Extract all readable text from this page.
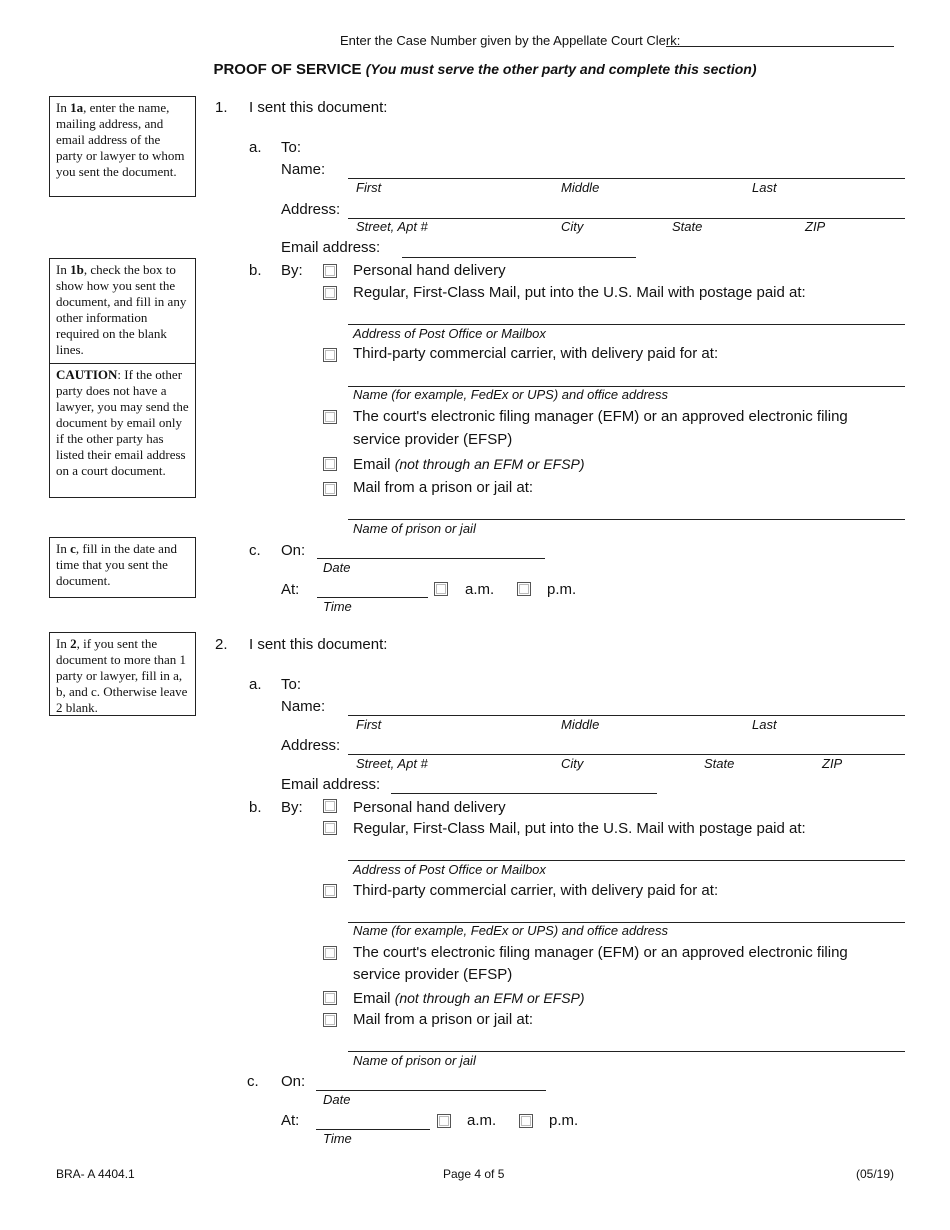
Enter the Case Number given by the Appellate Court Clerk:
PROOF OF SERVICE (You must serve the other party and complete this section)
In 1a, enter the name, mailing address, and email address of the party or lawyer to whom you sent the document.
In 1b, check the box to show how you sent the document, and fill in any other information required on the blank lines.
CAUTION: If the other party does not have a lawyer, you may send the document by email only if the other party has listed their email address on a court document.
In c, fill in the date and time that you sent the document.
In 2, if you sent the document to more than 1 party or lawyer, fill in a, b, and c. Otherwise leave 2 blank.
1. I sent this document:
a. To:
Name:
First	Middle	Last
Address:
Street, Apt #	City	State	ZIP
Email address:
b. By:	Personal hand delivery
Regular, First-Class Mail, put into the U.S. Mail with postage paid at:
Address of Post Office or Mailbox
Third-party commercial carrier, with delivery paid for at:
Name (for example, FedEx or UPS) and office address
The court's electronic filing manager (EFM) or an approved electronic filing
service provider (EFSP)
Email (not through an EFM or EFSP)
Mail from a prison or jail at:
Name of prison or jail
c. On:
Date
At:	a.m.	p.m.
Time
2. I sent this document:
a. To:
Name:
First	Middle	Last
Address:
Street, Apt #	City	State	ZIP
Email address:
b. By:	Personal hand delivery
Regular, First-Class Mail, put into the U.S. Mail with postage paid at:
Address of Post Office or Mailbox
Third-party commercial carrier, with delivery paid for at:
Name (for example, FedEx or UPS) and office address
The court's electronic filing manager (EFM) or an approved electronic filing
service provider (EFSP)
Email (not through an EFM or EFSP)
Mail from a prison or jail at:
Name of prison or jail
c. On:
Date
At:	a.m.	p.m.
Time
BRA- A 4404.1	Page 4 of 5	(05/19)
